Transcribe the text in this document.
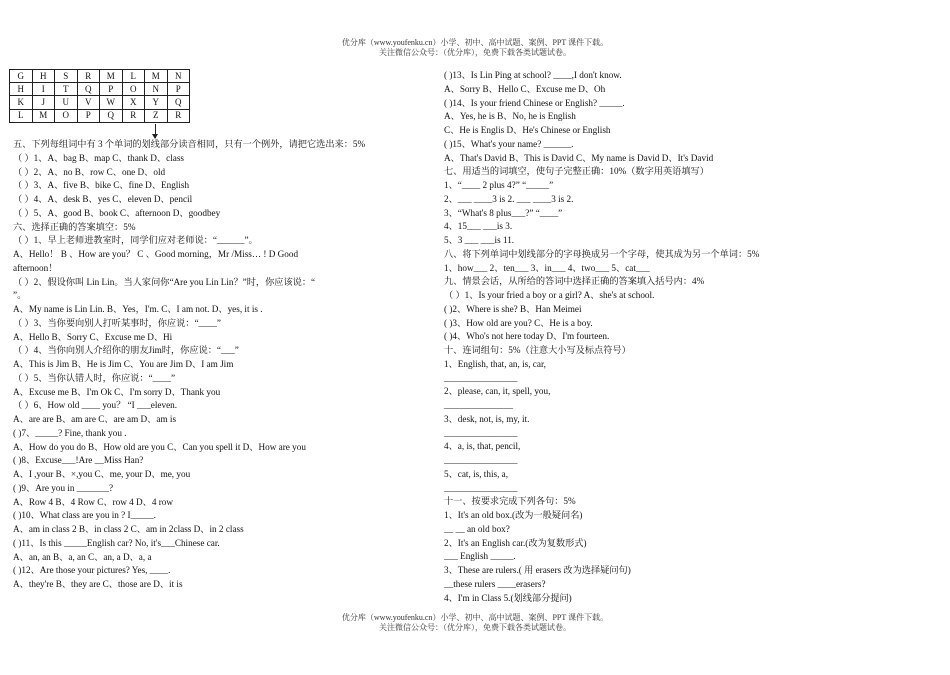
优分库（www.youfenku.cn）小学、初中、高中试题、案例、PPT 课件下载。
关注微信公众号：（优分库），免费下载各类试题试卷。
G	H	S	R	M	L	M	N
H	I	T	Q	P	O	N	P
K	J	U	V	W	X	Y	Q
L	M	O	P	Q	R	Z	R
五、下列每组词中有 3 个单词的划线部分读音相同，只有一个例外，请把它选出来：5%
（ ）1、A、bag B、map C、thank D、class
（ ）2、A、no B、row C、one D、old
（ ）3、A、five B、bike C、fine D、English
（ ）4、A、desk B、yes C、eleven D、pencil
（ ）5、A、good B、book C、afternoon D、goodbey
六、选择正确的答案填空：5%
（ ）1、早上老师进教室时，同学们应对老师说：“______”。
A、Hello！ B 、How are you？ C 、Good morning，Mr /Miss… ! D Good
afternoon！
（ ）2、假设你叫 Lin Lin。当人家问你“Are you Lin Lin？”时，你应该说：“
”。
A、My name is Lin Lin. B、Yes，I'm. C、I am not. D、yes, it is .
（ ）3、当你要向别人打听某事时，你应说：“____”
A、Hello B、Sorry C、Excuse me D、Hi
（ ）4、当你向别人介绍你的朋友Jim时，你应说：“___”
A、This is Jim B、He is Jim C、You are Jim D、I am Jim
（ ）5、当你认错人时，你应说：“____”
A、Excuse me B、I'm Ok C、I'm sorry D、Thank you
（ ）6、How old ____ you？ “I ___eleven.
A、are are B、am are C、are am D、am is
( )7、_____? Fine, thank you .
A、How do you do B、How old are you C、Can you spell it D、How are you
( )8、Excuse___!Are __Miss Han?
A、I ,your B、×,you C、me, your D、me, you
( )9、Are you in _______?
A、Row 4 B、4 Row C、row 4 D、4 row
( )10、What class are you in ? I_____.
A、am in class 2 B、in class 2 C、am in 2class D、in 2 class
( )11、Is this _____English car? No, it's___Chinese car.
A、an, an B、a, an C、an, a D、a, a
( )12、Are those your pictures? Yes, ____.
A、they're B、they are C、those are D、it is
( )13、Is Lin Ping at school? ____,I don't know.
A、Sorry B、Hello C、Excuse me D、Oh
( )14、Is your friend Chinese or English? _____.
A、Yes, he is B、No, he is English
C、He is Englis D、He's Chinese or English
( )15、What's your name? ______.
A、That's David B、This is David C、My name is David D、It's David
七、用适当的词填空，使句子完整正确：10%（数字用英语填写）
1、“____ 2 plus 4?” “_____”
2、___ ____3 is 2. ___ ____3 is 2.
3、“What's 8 plus___?” “____”
4、15___ ___is 3.
5、3 ___ ___is 11.
八、将下列单词中划线部分的字母换成另一个字母，使其成为另一个单词：5%
1、how___ 2、ten___ 3、in___ 4、two___ 5、cat___
九、情景会话，从所给的答词中选择正确的答案填入括号内：4%
（ ）1、Is your fried a boy or a girl? A、she's at school.
( )2、Where is she? B、Han Meimei
( )3、How old are you? C、He is a boy.
( )4、Who's not here today D、I'm fourteen.
十、连词组句：5%（注意大小写及标点符号）
1、English, that, an, is, car,
________________
2、please, can, it, spell, you,
_______________
3、desk, not, is, my, it.
________________
4、a, is, that, pencil,
________________
5、cat, is, this, a,
________________
十一、按要求完成下列各句：5%
1、It's an old box.(改为一般疑问名)
__ __ an old box?
2、It's an English car.(改为复数形式)
___ English _____.
3、These are rulers.( 用 erasers 改为选择疑问句)
__these rulers ____erasers?
4、I'm in Class 5.(划线部分提问)
优分库（www.youfenku.cn）小学、初中、高中试题、案例、PPT 课件下载。
关注微信公众号：（优分库），免费下载各类试题试卷。
